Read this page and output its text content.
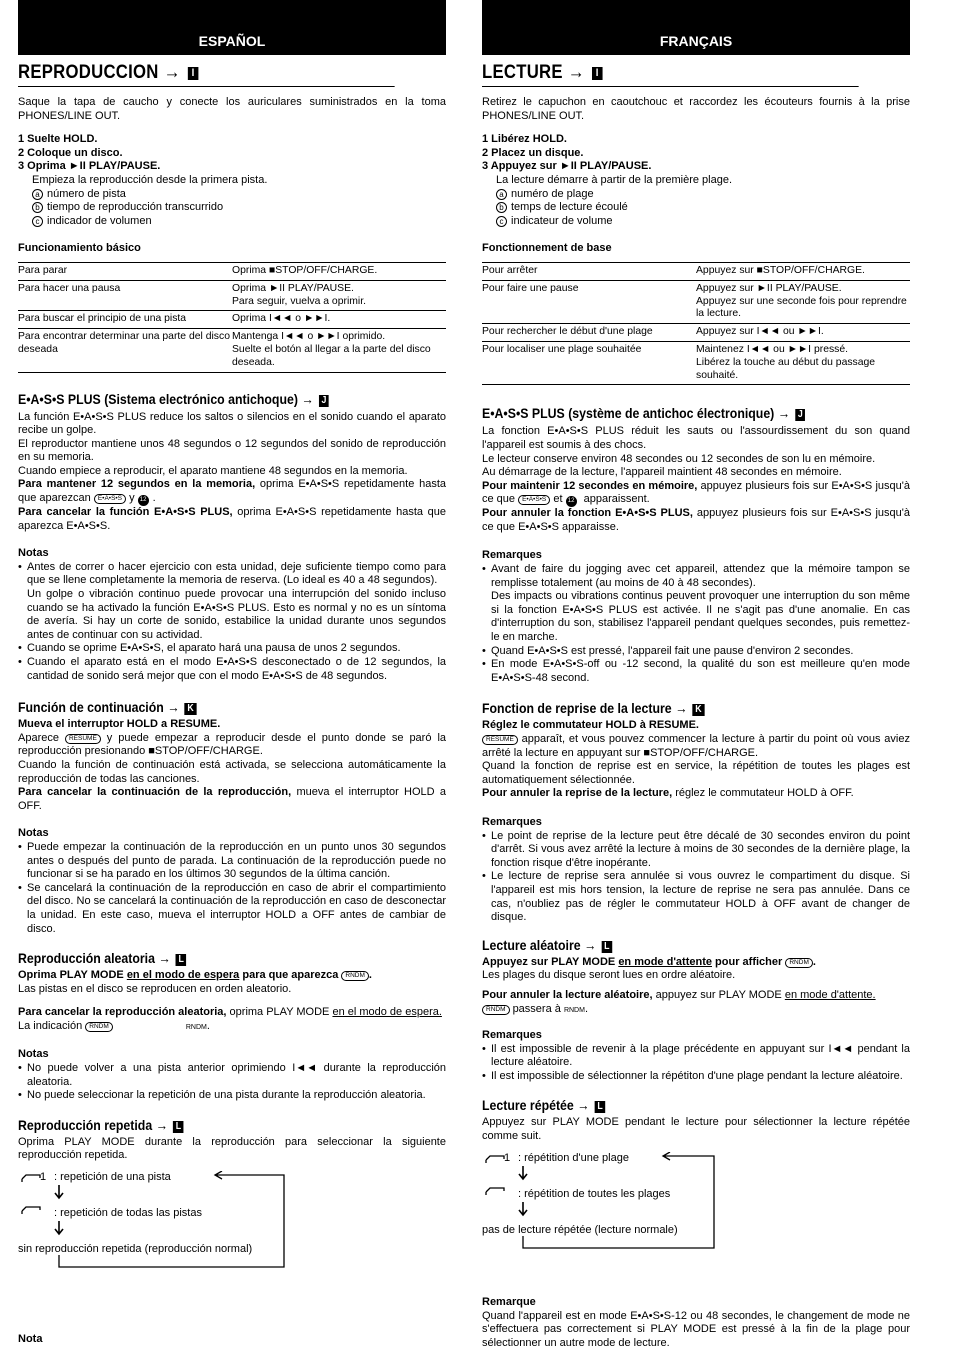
ESPAÑOL
REPRODUCCION → I

Saque la tapa de caucho y conecte los auriculares suministrados en la toma PHONES/LINE OUT.

1 Suelte HOLD.
2 Coloque un disco.
3 Oprima ►II PLAY/PAUSE.
Empieza la reproducción desde la primera pista.
a número de pista
b tiempo de reproducción transcurrido
c indicador de volumen
Funcionamiento básico
Para parar	Oprima ■STOP/OFF/CHARGE.
Para hacer una pausa	Oprima ►II PLAY/PAUSE.
Para seguir, vuelva a oprimir.
Para buscar el principio de una pista	Oprima I◄◄ o ►►I.
Para encontrar determinar una parte del disco deseada	Mantenga I◄◄ o ►►I oprimido.
Suelte el botón al llegar a la parte del disco deseada.
E•A•S•S PLUS (Sistema electrónico antichoque) → J

La función E•A•S•S PLUS reduce los saltos o silencios en el sonido cuando el aparato recibe un golpe.

El reproductor mantiene unos 48 segundos o 12 segundos del sonido de reproducción en su memoria.

Cuando empiece a reproducir, el aparato mantiene 48 segundos en la memoria.

Para mantener 12 segundos en la memoria, oprima E•A•S•S repetidamente hasta que aparezcan E•A•S•S y 12 .

Para cancelar la función E•A•S•S PLUS, oprima E•A•S•S repetidamente hasta que aparezca E•A•S•S.

Notas
• Antes de correr o hacer ejercicio con esta unidad, deje suficiente tiempo como para que se llene completamente la memoria de reserva. (Lo ideal es 40 a 48 segundos).
Un golpe o vibración continuo puede provocar una interrupción del sonido incluso cuando se ha activado la función E•A•S•S PLUS. Esto es normal y no es un síntoma de avería. Si hay un corte de sonido, estabilice la unidad durante unos segundos antes de continuar con su actividad.
• Cuando se oprime E•A•S•S, el aparato hará una pausa de unos 2 segundos.
• Cuando el aparato está en el modo E•A•S•S desconectado o de 12 segundos, la cantidad de sonido será mejor que con el modo E•A•S•S de 48 segundos.
Función de continuación → K
Mueva el interruptor HOLD a RESUME.

Aparece RESUME y puede empezar a reproducir desde el punto donde se paró la reproducción presionando ■STOP/OFF/CHARGE.

Cuando la función de continuación está activada, se selecciona automáticamente la reproducción de todas las canciones.

Para cancelar la continuación de la reproducción, mueva el interruptor HOLD a OFF.

Notas
• Puede empezar la continuación de la reproducción en un punto unos 30 segundos antes o después del punto de parada. La continuación de la reproducción puede no funcionar si se ha parado en los últimos 30 segundos de la última canción.
• Se cancelará la continuación de la reproducción en caso de abrir el compartimiento del disco. No se cancelará la continuación de la reproducción en caso de desconectar la unidad. En este caso, mueva el interruptor HOLD a OFF antes de cambiar de disco.
Reproducción aleatoria → L
Oprima PLAY MODE en el modo de espera para que aparezca RNDM .

Las pistas en el disco se reproducen en orden aleatorio.

Para cancelar la reproducción aleatoria, oprima PLAY MODE en el modo de espera.

La indicación RNDM	RNDM.

Notas
• No puede volver a una pista anterior oprimiendo I◄◄ durante la reproducción aleatoria.
• No puede seleccionar la repetición de una pista durante la reproducción aleatoria.
Reproducción repetida → L

Oprima PLAY MODE durante la reproducción para seleccionar la siguiente reproducción repetida.

1 : repetición de una pista
: repetición de todas las pistas
sin reproducción repetida (reproducción normal)
Nota
FRANÇAIS
LECTURE → I

Retirez le capuchon en caoutchouc et raccordez les écouteurs fournis à la prise PHONES/LINE OUT.

1 Libérez HOLD.
2 Placez un disque.
3 Appuyez sur ►II PLAY/PAUSE.
La lecture démarre à partir de la première plage.
a numéro de plage
b temps de lecture écoulé
c indicateur de volume
Fonctionnement de base
Pour arrêter	Appuyez sur ■STOP/OFF/CHARGE.
Pour faire une pause	Appuyez sur ►II PLAY/PAUSE.
Appuyez sur une seconde fois pour reprendre la lecture.
Pour rechercher le début d'une plage	Appuyez sur I◄◄ ou ►►I.
Pour localiser une plage souhaitée	Maintenez I◄◄ ou ►►I pressé.
Libérez la touche au début du passage souhaité.
E•A•S•S PLUS (système de antichoc électronique) → J

La fonction E•A•S•S PLUS réduit les sauts ou l'assourdissement du son quand l'appareil est soumis à des chocs.

Le lecteur conserve environ 48 secondes ou 12 secondes de son lu en mémoire.

Au démarrage de la lecture, l'appareil maintient 48 secondes en mémoire.

Pour maintenir 12 secondes en mémoire, appuyez plusieurs fois sur E•A•S•S jusqu'à ce que E•A•S•S et 12 apparaissent.

Pour annuler la fonction E•A•S•S PLUS, appuyez plusieurs fois sur E•A•S•S jusqu'à ce que E•A•S•S apparaisse.

Remarques
• Avant de faire du jogging avec cet appareil, attendez que la mémoire tampon se remplisse totalement (au moins de 40 à 48 secondes).
Des impacts ou vibrations continus peuvent provoquer une interruption du son même si la fonction E•A•S•S PLUS est activée. Il ne s'agit pas d'une anomalie. En cas d'interruption du son, stabilisez l'appareil pendant quelques secondes, puis remettez-le en marche.
• Quand E•A•S•S est pressé, l'appareil fait une pause d'environ 2 secondes.
• En mode E•A•S•S-off ou -12 second, la qualité du son est meilleure qu'en mode E•A•S•S-48 second.
Fonction de reprise de la lecture → K
Réglez le commutateur HOLD à RESUME.

RESUME apparaît, et vous pouvez commencer la lecture à partir du point où vous aviez arrêté la lecture en appuyant sur ■STOP/OFF/CHARGE.

Quand la fonction de reprise est en service, la répétition de toutes les plages est automatiquement sélectionnée.

Pour annuler la reprise de la lecture, réglez le commutateur HOLD à OFF.

Remarques
• Le point de reprise de la lecture peut être décalé de 30 secondes environ du point d'arrêt. Si vous avez arrêté la lecture à moins de 30 secondes de la dernière plage, la fonction risque d'être inopérante.
• Le lecture de reprise sera annulée si vous ouvrez le compartiment du disque. Si l'appareil est mis hors tension, la lecture de reprise ne sera pas annulée. Dans ce cas, n'oubliez pas de régler le commutateur HOLD à OFF avant de changer de disque.
Lecture aléatoire → L
Appuyez sur PLAY MODE en mode d'attente pour afficher RNDM .

Les plages du disque seront lues en ordre aléatoire.

Pour annuler la lecture aléatoire, appuyez sur PLAY MODE en mode d'attente.

RNDM passera à RNDM.

Remarques
• Il est impossible de revenir à la plage précédente en appuyant sur I◄◄ pendant la lecture aléatoire.
• Il est impossible de sélectionner la répétiton d'une plage pendant la lecture aléatoire.
Lecture répétée → L

Appuyez sur PLAY MODE pendant le lecture pour sélectionner la lecture répétée comme suit.

1 : répétition d'une plage
: répétition de toutes les plages
pas de lecture répétée (lecture normale)
Remarque

Quand l'appareil est en mode E•A•S•S-12 ou 48 secondes, le changement de mode ne s'effectuera pas correctement si PLAY MODE est pressé à la fin de la plage pour sélectionner un autre mode de lecture.
